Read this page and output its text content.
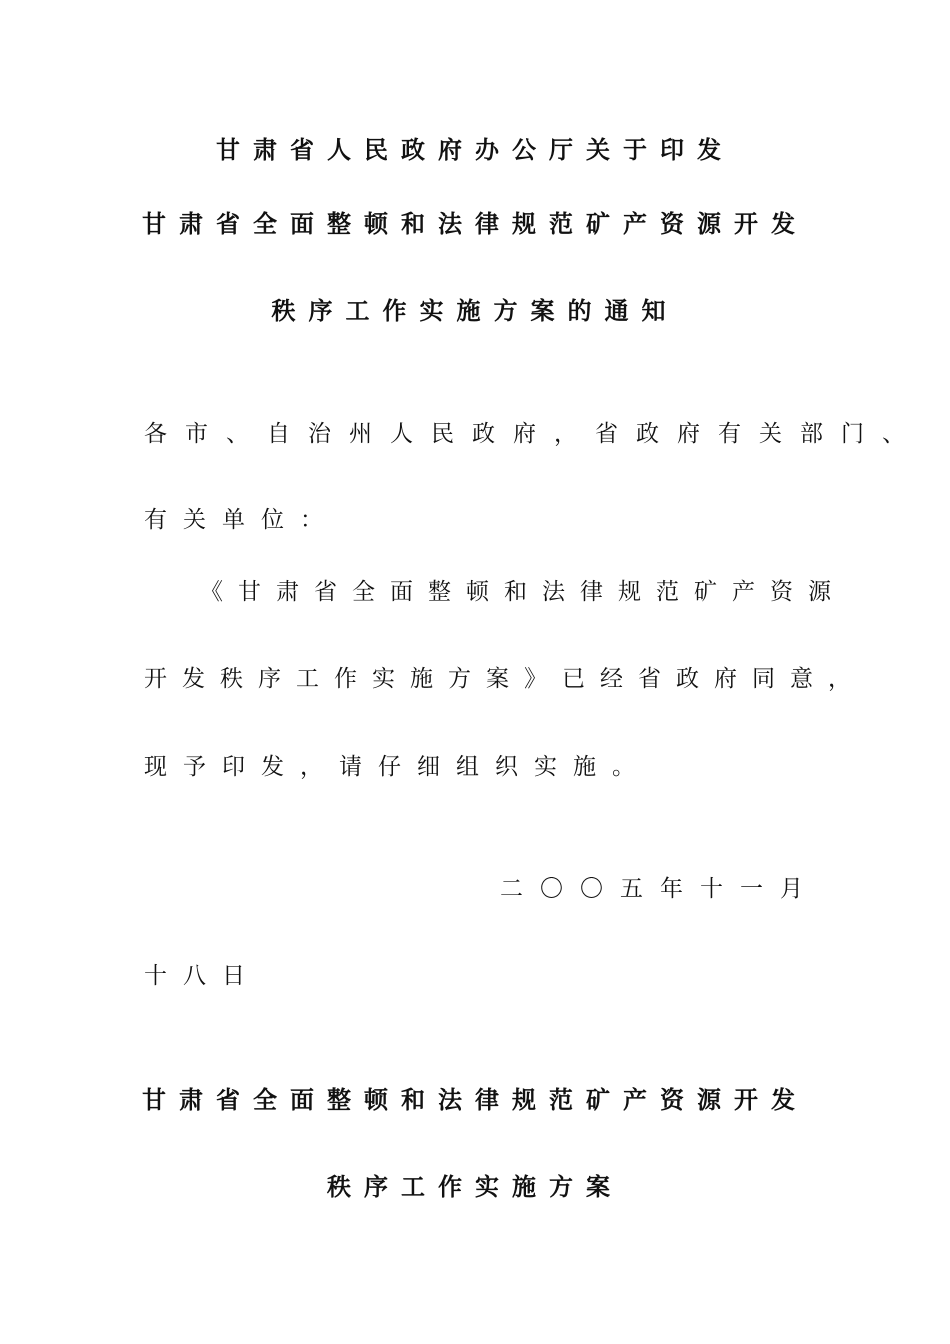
甘肃省人民政府办公厅关于印发
甘肃省全面整顿和法律规范矿产资源开发
秩序工作实施方案的通知
各市、自治州人民政府，省政府有关部门、
有关单位：
《甘肃省全面整顿和法律规范矿产资源
开发秩序工作实施方案》已经省政府同意，
现予印发，请仔细组织实施。
二〇〇五年十一月
十八日
甘肃省全面整顿和法律规范矿产资源开发
秩序工作实施方案
